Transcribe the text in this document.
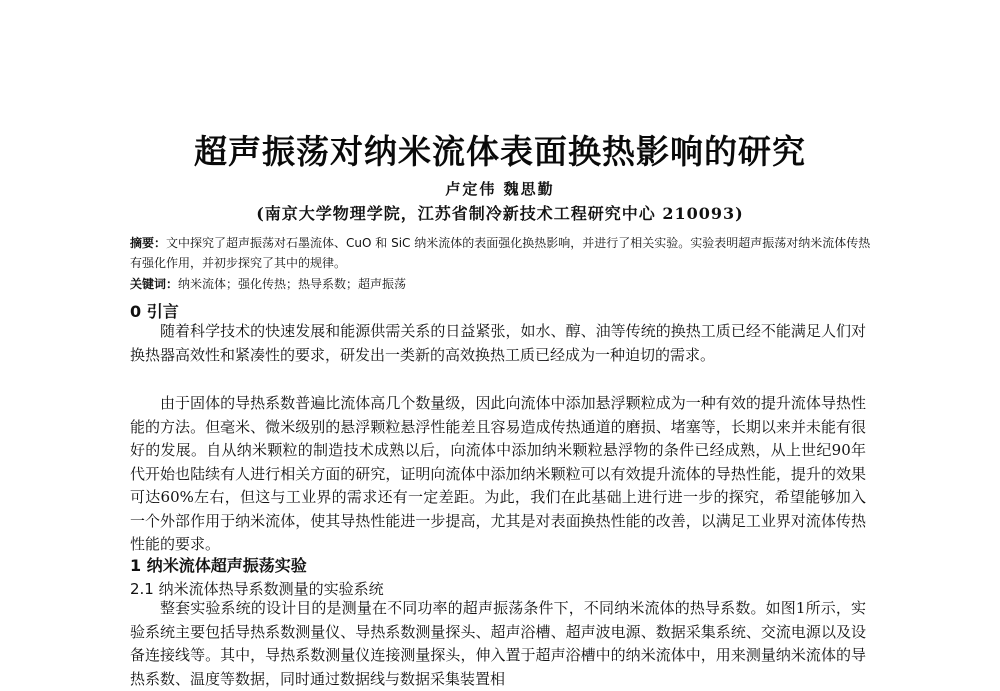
超声振荡对纳米流体表面换热影响的研究
卢定伟 魏思勤
(南京大学物理学院，江苏省制冷新技术工程研究中心 210093)
摘要：文中探究了超声振荡对石墨流体、CuO 和 SiC 纳米流体的表面强化换热影响，并进行了相关实验。实验表明超声振荡对纳米流体传热有强化作用，并初步探究了其中的规律。
关键词：纳米流体；强化传热；热导系数；超声振荡
0 引言

随着科学技术的快速发展和能源供需关系的日益紧张，如水、醇、油等传统的换热工质已经不能满足人们对换热器高效性和紧凑性的要求，研发出一类新的高效换热工质已经成为一种迫切的需求。

由于固体的导热系数普遍比流体高几个数量级，因此向流体中添加悬浮颗粒成为一种有效的提升流体导热性能的方法。但毫米、微米级别的悬浮颗粒悬浮性能差且容易造成传热通道的磨损、堵塞等，长期以来并未能有很好的发展。自从纳米颗粒的制造技术成熟以后，向流体中添加纳米颗粒悬浮物的条件已经成熟，从上世纪90年代开始也陆续有人进行相关方面的研究，证明向流体中添加纳米颗粒可以有效提升流体的导热性能，提升的效果可达60%左右，但这与工业界的需求还有一定差距。为此，我们在此基础上进行进一步的探究，希望能够加入一个外部作用于纳米流体，使其导热性能进一步提高，尤其是对表面换热性能的改善，以满足工业界对流体传热性能的要求。

1 纳米流体超声振荡实验
2.1 纳米流体热导系数测量的实验系统

整套实验系统的设计目的是测量在不同功率的超声振荡条件下，不同纳米流体的热导系数。如图1所示，实验系统主要包括导热系数测量仪、导热系数测量探头、超声浴槽、超声波电源、数据采集系统、交流电源以及设备连接线等。其中，导热系数测量仪连接测量探头，伸入置于超声浴槽中的纳米流体中，用来测量纳米流体的导热系数、温度等数据，同时通过数据线与数据采集装置相
